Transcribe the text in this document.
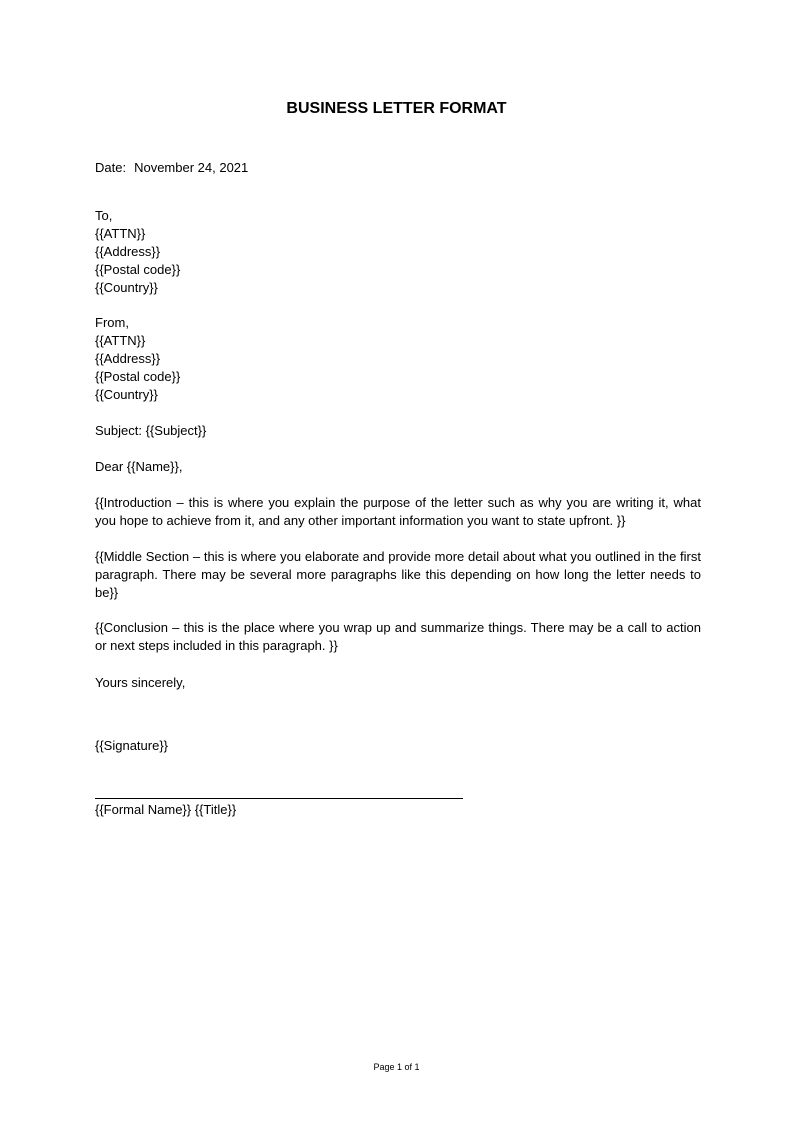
BUSINESS LETTER FORMAT
Date: November 24, 2021
To,
{{ATTN}}
{{Address}}
{{Postal code}}
{{Country}}
From,
{{ATTN}}
{{Address}}
{{Postal code}}
{{Country}}
Subject: {{Subject}}
Dear {{Name}},
{{Introduction – this is where you explain the purpose of the letter such as why you are writing it, what you hope to achieve from it, and any other important information you want to state upfront. }}
{{Middle Section – this is where you elaborate and provide more detail about what you outlined in the first paragraph. There may be several more paragraphs like this depending on how long the letter needs to be}}
{{Conclusion – this is the place where you wrap up and summarize things. There may be a call to action or next steps included in this paragraph. }}
Yours sincerely,
{{Signature}}
{{Formal Name}} {{Title}}
Page 1 of 1
